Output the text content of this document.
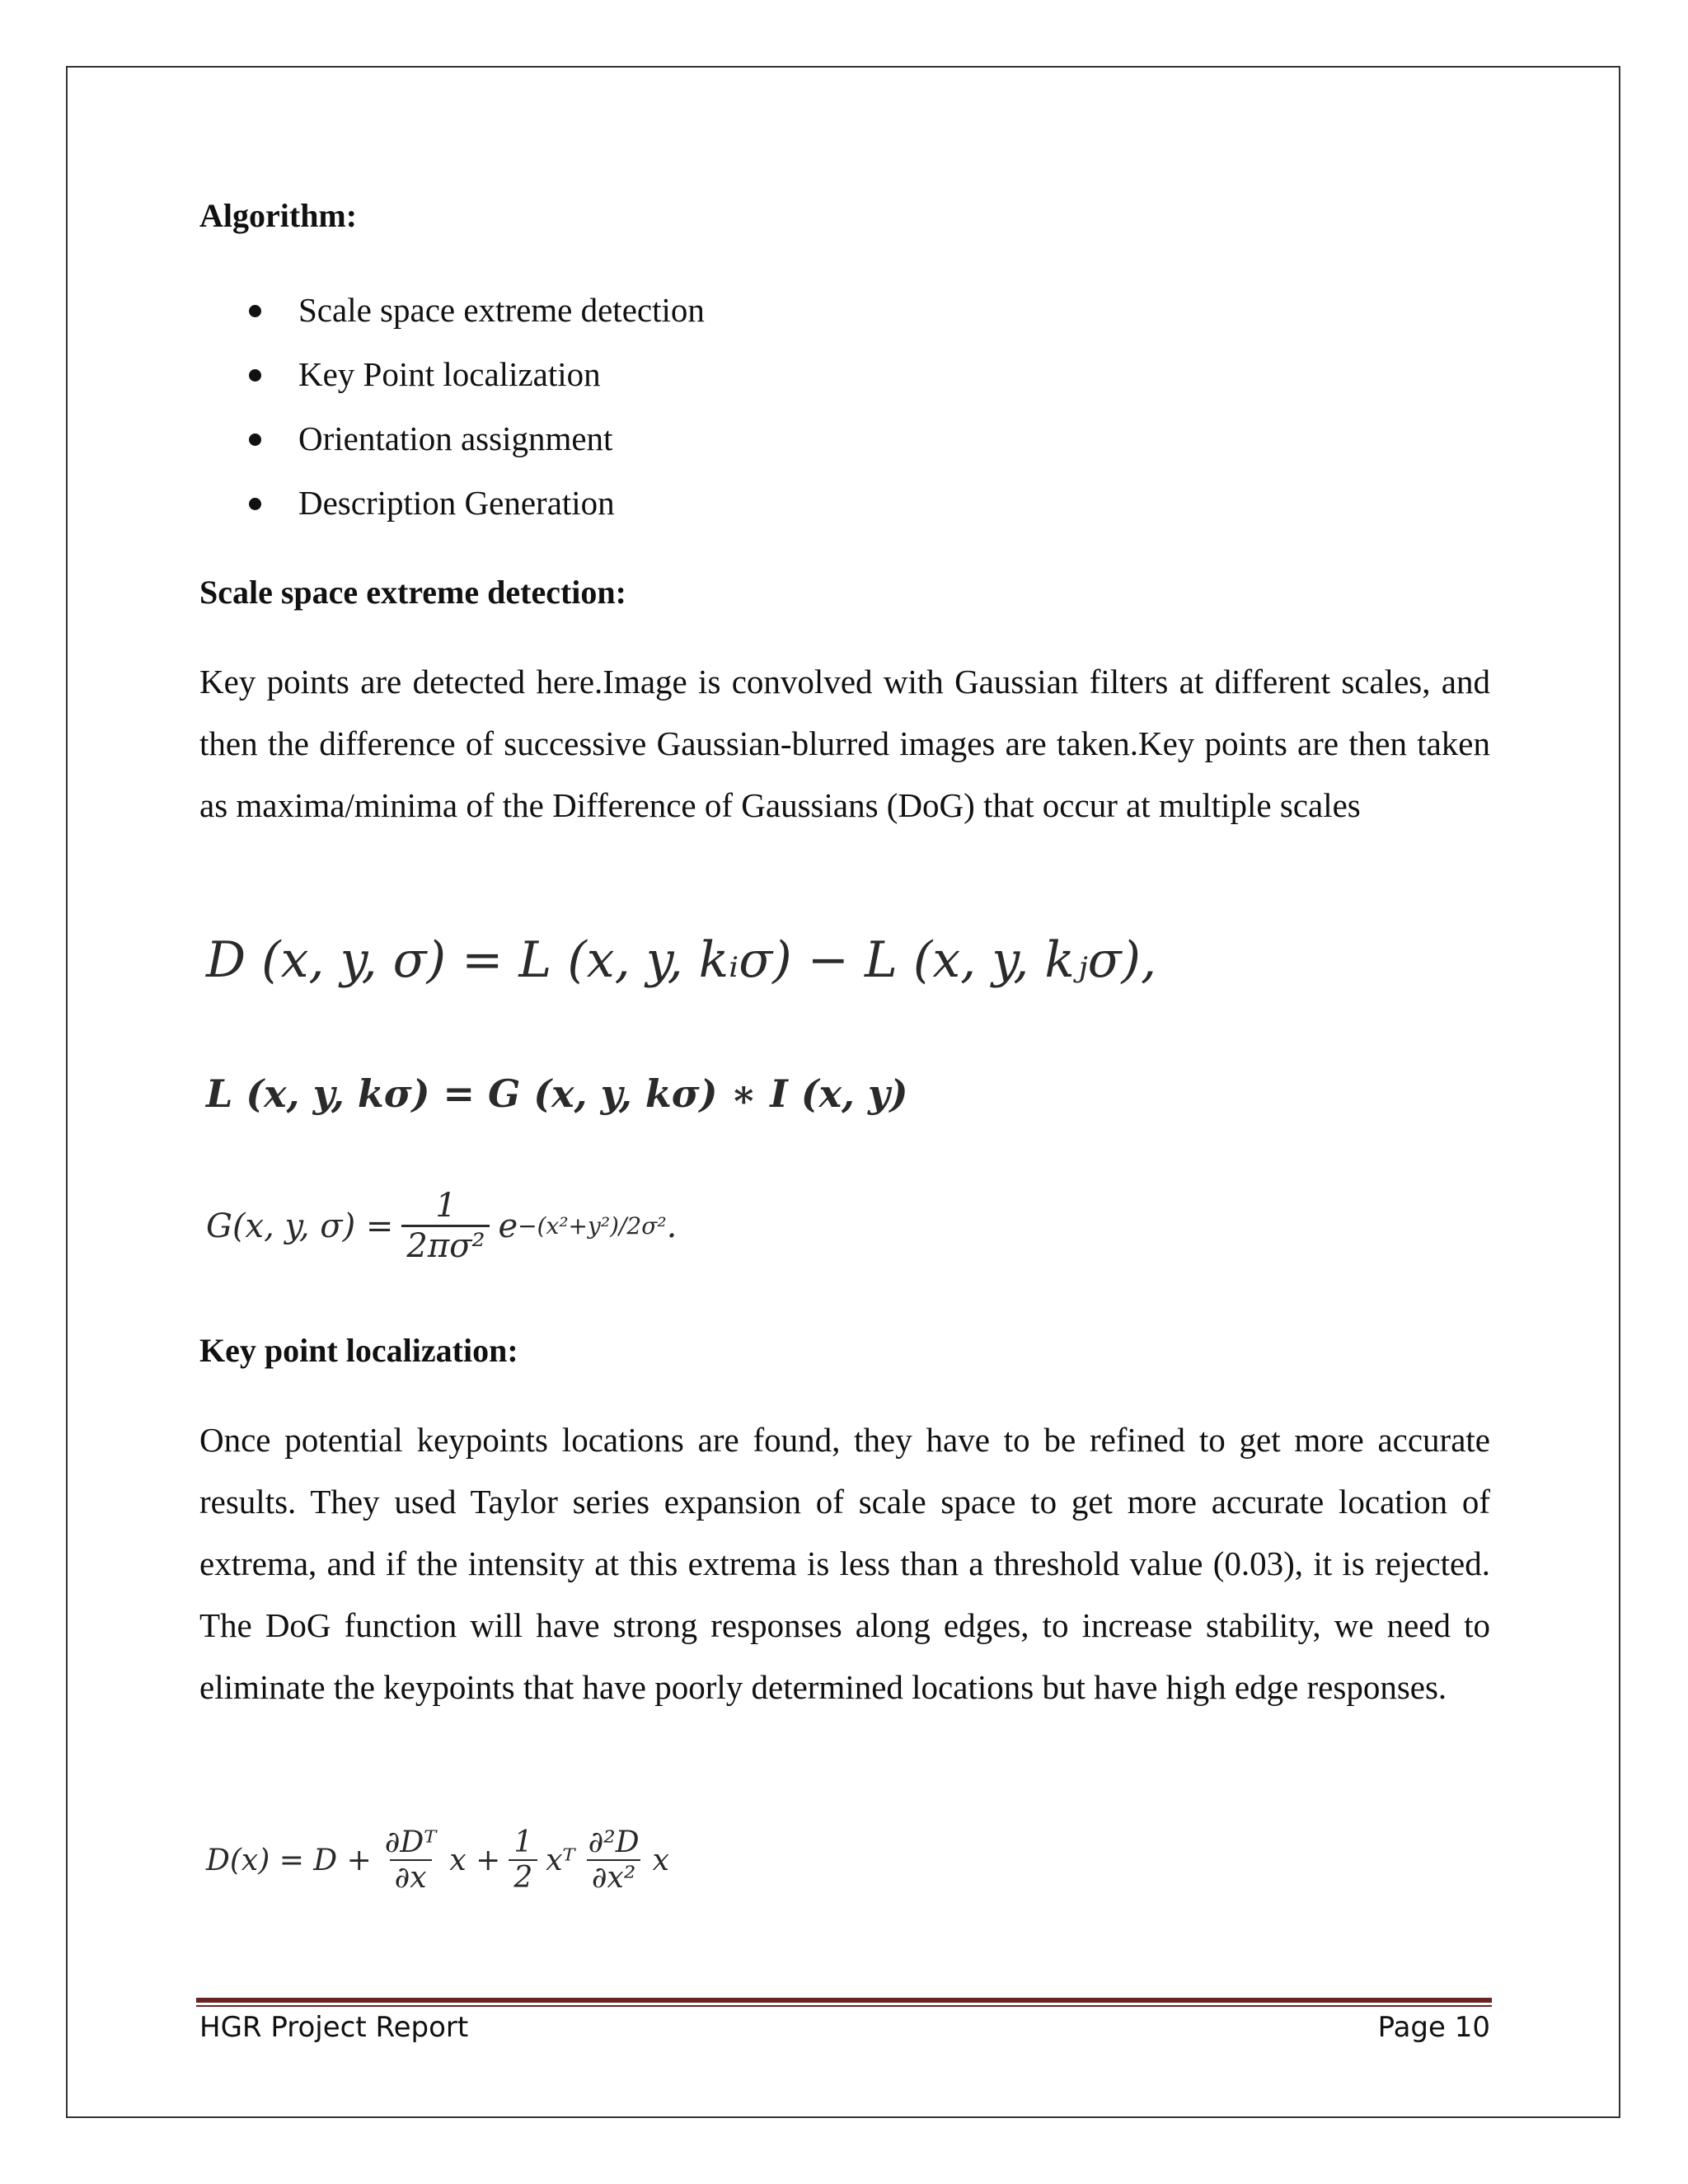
Algorithm:
Scale space extreme detection
Key Point localization
Orientation assignment
Description Generation
Scale space extreme detection:

Key points are detected here.Image is convolved with Gaussian filters at different scales, and then the difference of successive Gaussian-blurred images are taken.Key points are then taken as maxima/minima of the Difference of Gaussians (DoG) that occur at multiple scales

D (x, y, σ) = L (x, y, kᵢσ) − L (x, y, kⱼσ),
L (x, y, kσ) = G (x, y, kσ) ∗ I (x, y)
G(x, y, $\sigma) = \frac{1}{\text{2πσ²}}$ e −(x²+y²)/2σ² .
Key point localization:

Once potential keypoints locations are found, they have to be refined to get more accurate results. They used Taylor series expansion of scale space to get more accurate location of extrema, and if the intensity at this extrema is less than a threshold value (0.03), it is rejected. The DoG function will have strong responses along edges, to increase stability, we need to eliminate the keypoints that have poorly determined locations but have high edge responses.

$D(x) = D + \frac{\text{∂Dᵀ}}{\partial x}$ $x + \frac{1}{2}$ xᵀ $\frac{\text{∂²D}}{\text{∂x²}}$ x
HGR Project Report	Page 10
